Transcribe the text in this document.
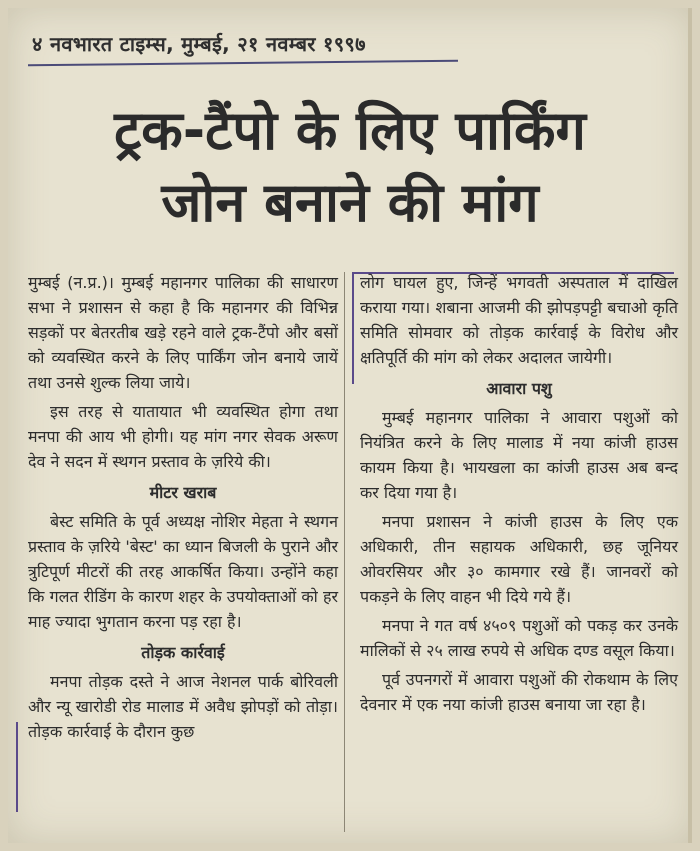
४ नवभारत टाइम्स, मुम्बई, २१ नवम्बर १९९७
ट्रक-टैंपो के लिए पार्किंग
जोन बनाने की मांग

मुम्बई (न.प्र.)। मुम्बई महानगर पालिका की साधारण सभा ने प्रशासन से कहा है कि महानगर की विभिन्न सड़कों पर बेतरतीब खड़े रहने वाले ट्रक-टैंपो और बसों को व्यवस्थित करने के लिए पार्किंग जोन बनाये जायें तथा उनसे शुल्क लिया जाये।

इस तरह से यातायात भी व्यवस्थित होगा तथा मनपा की आय भी होगी। यह मांग नगर सेवक अरूण देव ने सदन में स्थगन प्रस्ताव के ज़रिये की।

मीटर खराब

बेस्ट समिति के पूर्व अध्यक्ष नोशिर मेहता ने स्थगन प्रस्ताव के ज़रिये 'बेस्ट' का ध्यान बिजली के पुराने और त्रुटिपूर्ण मीटरों की तरह आकर्षित किया। उन्होंने कहा कि गलत रीडिंग के कारण शहर के उपयोक्ताओं को हर माह ज्यादा भुगतान करना पड़ रहा है।

तोड़क कार्रवाई

मनपा तोड़क दस्ते ने आज नेशनल पार्क बोरिवली और न्यू खारोडी रोड मालाड में अवैध झोपड़ों को तोड़ा। तोड़क कार्रवाई के दौरान कुछ

लोग घायल हुए, जिन्हें भगवती अस्पताल में दाखिल कराया गया। शबाना आजमी की झोपड़पट्टी बचाओ कृति समिति सोमवार को तोड़क कार्रवाई के विरोध और क्षतिपूर्ति की मांग को लेकर अदालत जायेगी।

आवारा पशु

मुम्बई महानगर पालिका ने आवारा पशुओं को नियंत्रित करने के लिए मालाड में नया कांजी हाउस कायम किया है। भायखला का कांजी हाउस अब बन्द कर दिया गया है।

मनपा प्रशासन ने कांजी हाउस के लिए एक अधिकारी, तीन सहायक अधिकारी, छह जूनियर ओवरसियर और ३० कामगार रखे हैं। जानवरों को पकड़ने के लिए वाहन भी दिये गये हैं।

मनपा ने गत वर्ष ४५०९ पशुओं को पकड़ कर उनके मालिकों से २५ लाख रुपये से अधिक दण्ड वसूल किया।

पूर्व उपनगरों में आवारा पशुओं की रोकथाम के लिए देवनार में एक नया कांजी हाउस बनाया जा रहा है।
